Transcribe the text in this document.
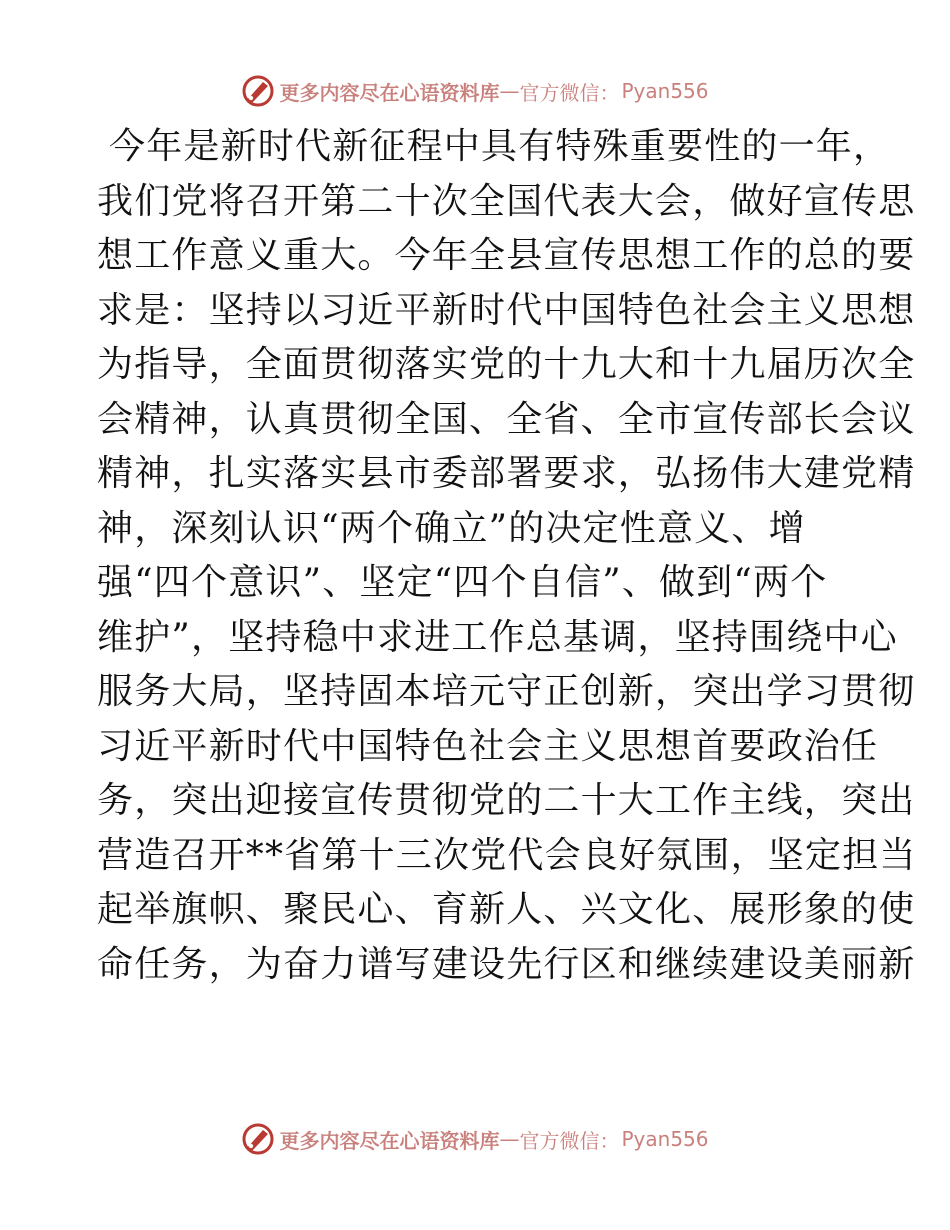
更多内容尽在心语资料库 — 官方微信： Pyan556
今年是新时代新征程中具有特殊重要性的一年，
我们党将召开第二十次全国代表大会，做好宣传思
想工作意义重大。今年全县宣传思想工作的总的要
求是：坚持以习近平新时代中国特色社会主义思想
为指导，全面贯彻落实党的十九大和十九届历次全
会精神，认真贯彻全国、全省、全市宣传部长会议
精神，扎实落实县市委部署要求，弘扬伟大建党精
神，深刻认识“两个确立”的决定性意义、增
强“四个意识”、坚定“四个自信”、做到“两个
维护”，坚持稳中求进工作总基调，坚持围绕中心
服务大局，坚持固本培元守正创新，突出学习贯彻
习近平新时代中国特色社会主义思想首要政治任
务，突出迎接宣传贯彻党的二十大工作主线，突出
营造召开**省第十三次党代会良好氛围，坚定担当
起举旗帜、聚民心、育新人、兴文化、展形象的使
命任务，为奋力谱写建设先行区和继续建设美丽新
更多内容尽在心语资料库 — 官方微信： Pyan556
